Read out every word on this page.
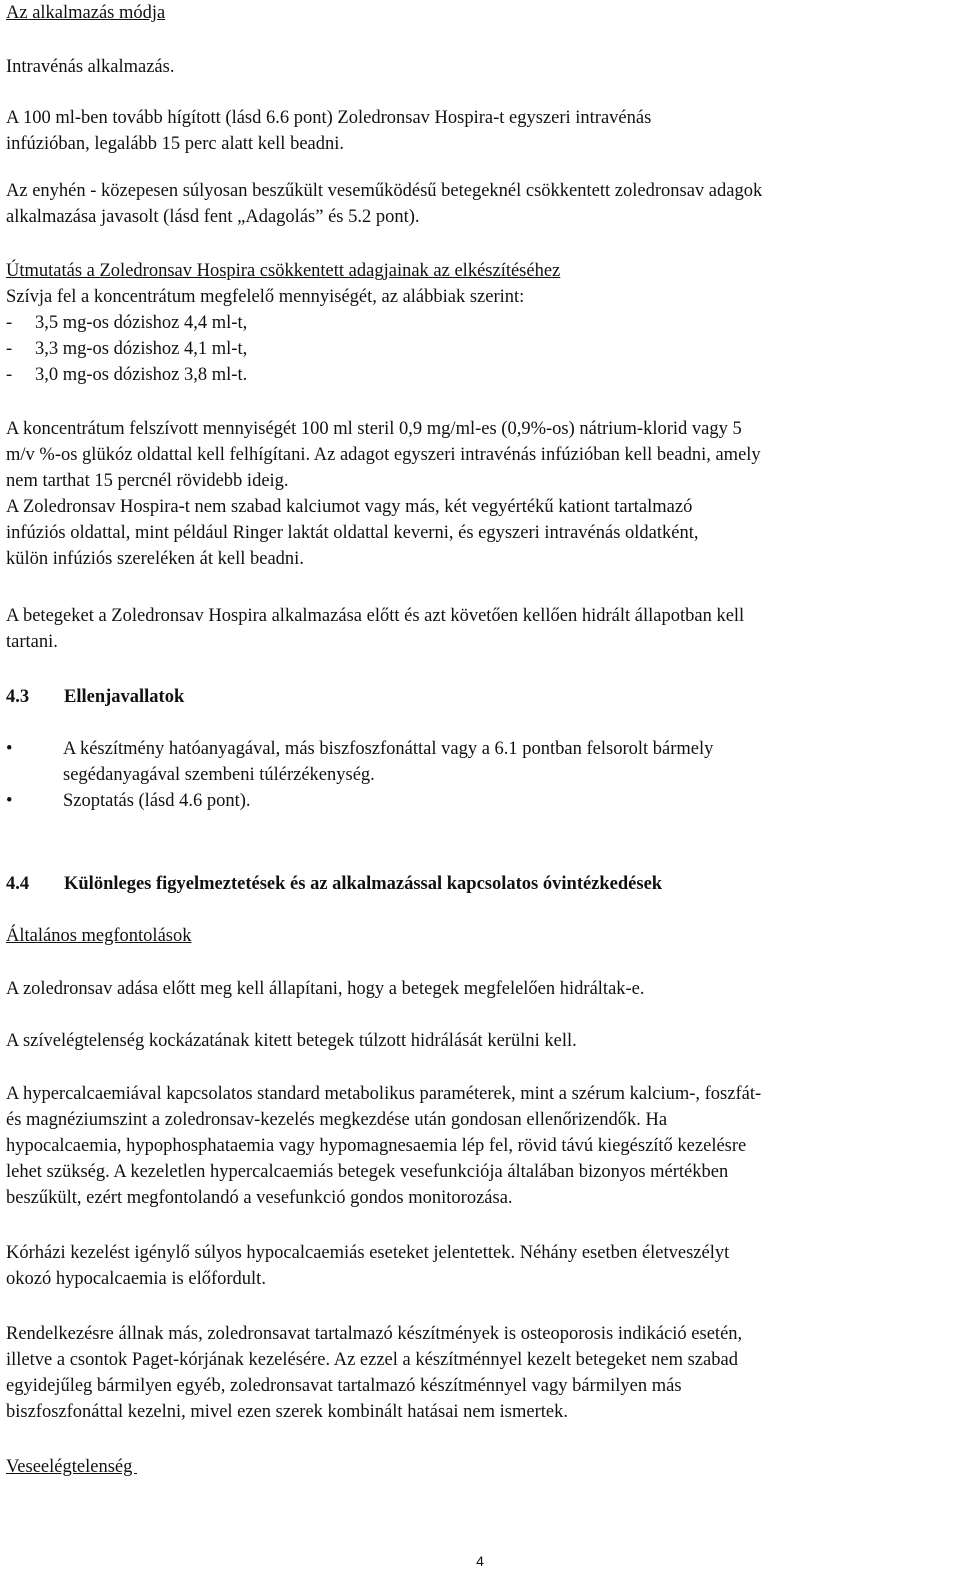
Az alkalmazás módja
Intravénás alkalmazás.
A 100 ml-ben tovább hígított (lásd 6.6 pont) Zoledronsav Hospira-t egyszeri intravénás
infúzióban, legalább 15 perc alatt kell beadni.
Az enyhén - közepesen súlyosan beszűkült veseműködésű betegeknél csökkentett zoledronsav adagok
alkalmazása javasolt (lásd fent „Adagolás” és 5.2 pont).
Útmutatás a Zoledronsav Hospira csökkentett adagjainak az elkészítéséhez
Szívja fel a koncentrátum megfelelő mennyiségét, az alábbiak szerint:
- 3,5 mg-os dózishoz 4,4 ml-t,
- 3,3 mg-os dózishoz 4,1 ml-t,
- 3,0 mg-os dózishoz 3,8 ml-t.
A koncentrátum felszívott mennyiségét 100 ml steril 0,9 mg/ml-es (0,9%-os) nátrium-klorid vagy 5
m/v %-os glükóz oldattal kell felhígítani. Az adagot egyszeri intravénás infúzióban kell beadni, amely
nem tarthat 15 percnél rövidebb ideig.
A Zoledronsav Hospira-t nem szabad kalciumot vagy más, két vegyértékű kationt tartalmazó
infúziós oldattal, mint például Ringer laktát oldattal keverni, és egyszeri intravénás oldatként,
külön infúziós szereléken át kell beadni.
A betegeket a Zoledronsav Hospira alkalmazása előtt és azt követően kellően hidrált állapotban kell
tartani.
4.3 Ellenjavallatok
•	A készítmény hatóanyagával, más biszfoszfonáttal vagy a 6.1 pontban felsorolt bármely
segédanyagával szembeni túlérzékenység.
•	Szoptatás (lásd 4.6 pont).
4.4 Különleges figyelmeztetések és az alkalmazással kapcsolatos óvintézkedések
Általános megfontolások
A zoledronsav adása előtt meg kell állapítani, hogy a betegek megfelelően hidráltak-e.
A szívelégtelenség kockázatának kitett betegek túlzott hidrálását kerülni kell.
A hypercalcaemiával kapcsolatos standard metabolikus paraméterek, mint a szérum kalcium-, foszfát-
és magnéziumszint a zoledronsav-kezelés megkezdése után gondosan ellenőrizendők. Ha
hypocalcaemia, hypophosphataemia vagy hypomagnesaemia lép fel, rövid távú kiegészítő kezelésre
lehet szükség. A kezeletlen hypercalcaemiás betegek vesefunkciója általában bizonyos mértékben
beszűkült, ezért megfontolandó a vesefunkció gondos monitorozása.
Kórházi kezelést igénylő súlyos hypocalcaemiás eseteket jelentettek. Néhány esetben életveszélyt
okozó hypocalcaemia is előfordult.
Rendelkezésre állnak más, zoledronsavat tartalmazó készítmények is osteoporosis indikáció esetén,
illetve a csontok Paget-kórjának kezelésére. Az ezzel a készítménnyel kezelt betegeket nem szabad
egyidejűleg bármilyen egyéb, zoledronsavat tartalmazó készítménnyel vagy bármilyen más
biszfoszfonáttal kezelni, mivel ezen szerek kombinált hatásai nem ismertek.
Veseelégtelenség
4
